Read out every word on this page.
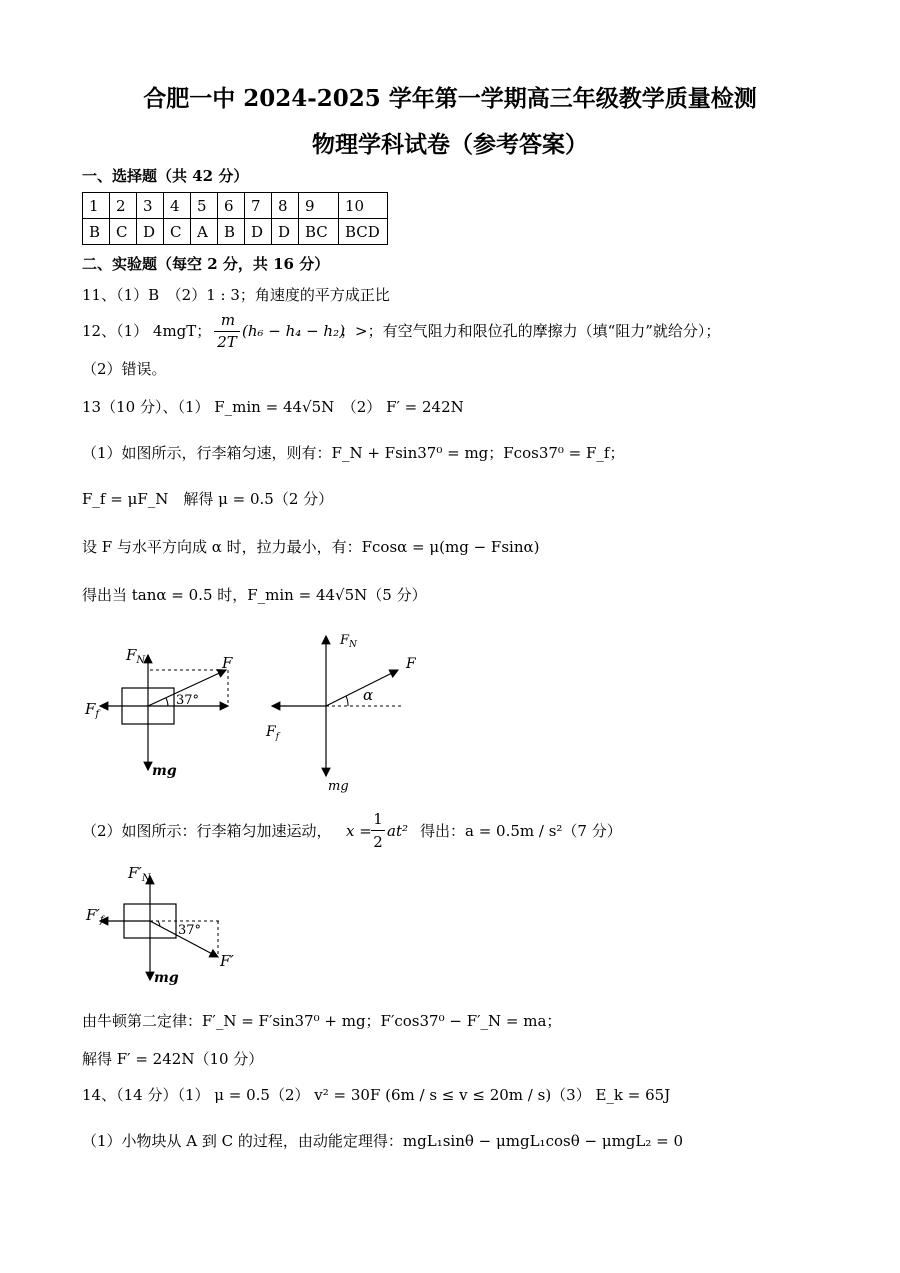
合肥一中 2024-2025 学年第一学期高三年级教学质量检测
物理学科试卷（参考答案）
一、选择题（共 42 分）
1	2	3	4	5	6	7	8	9	10
B	C	D	C	A	B	D	D	BC	BCD
二、实验题（每空 2 分，共 16 分）
11、（1）B　（2）1 : 3；角速度的平方成正比
12、（1） 4mgT；
m
2T
(h₆ − h₄ − h₂)
；>；有空气阻力和限位孔的摩擦力（填“阻力”就给分）；
（2）错误。
13（10 分）、（1） F_min = 44√5N　（2） F′ = 242N
（1）如图所示，行李箱匀速，则有：F_N + Fsin37⁰ = mg；Fcos37⁰ = F_f；
F_f = μF_N　解得 μ = 0.5（2 分）
设 F 与水平方向成 α 时，拉力最小，有：Fcosα = μ(mg − Fsinα)
得出当 tanα = 0.5 时，F_min = 44√5N（5 分）
37°
$F_N$	F
$F_f$
mg
α
$F_N$
F
$F_f$
mg
（2）如图所示：行李箱匀加速运动， x =
1
2
at² 得出：a = 0.5m / s²（7 分）
37°
$F'_N$
F′
$F'_f$
mg
由牛顿第二定律：F′_N = F′sin37⁰ + mg；F′cos37⁰ − F′_N = ma；
解得 F′ = 242N（10 分）
14、（14 分）（1） μ = 0.5（2） v² = 30F (6m / s ≤ v ≤ 20m / s)（3） E_k = 65J
（1）小物块从 A 到 C 的过程，由动能定理得：mgL₁sinθ − μmgL₁cosθ − μmgL₂ = 0
